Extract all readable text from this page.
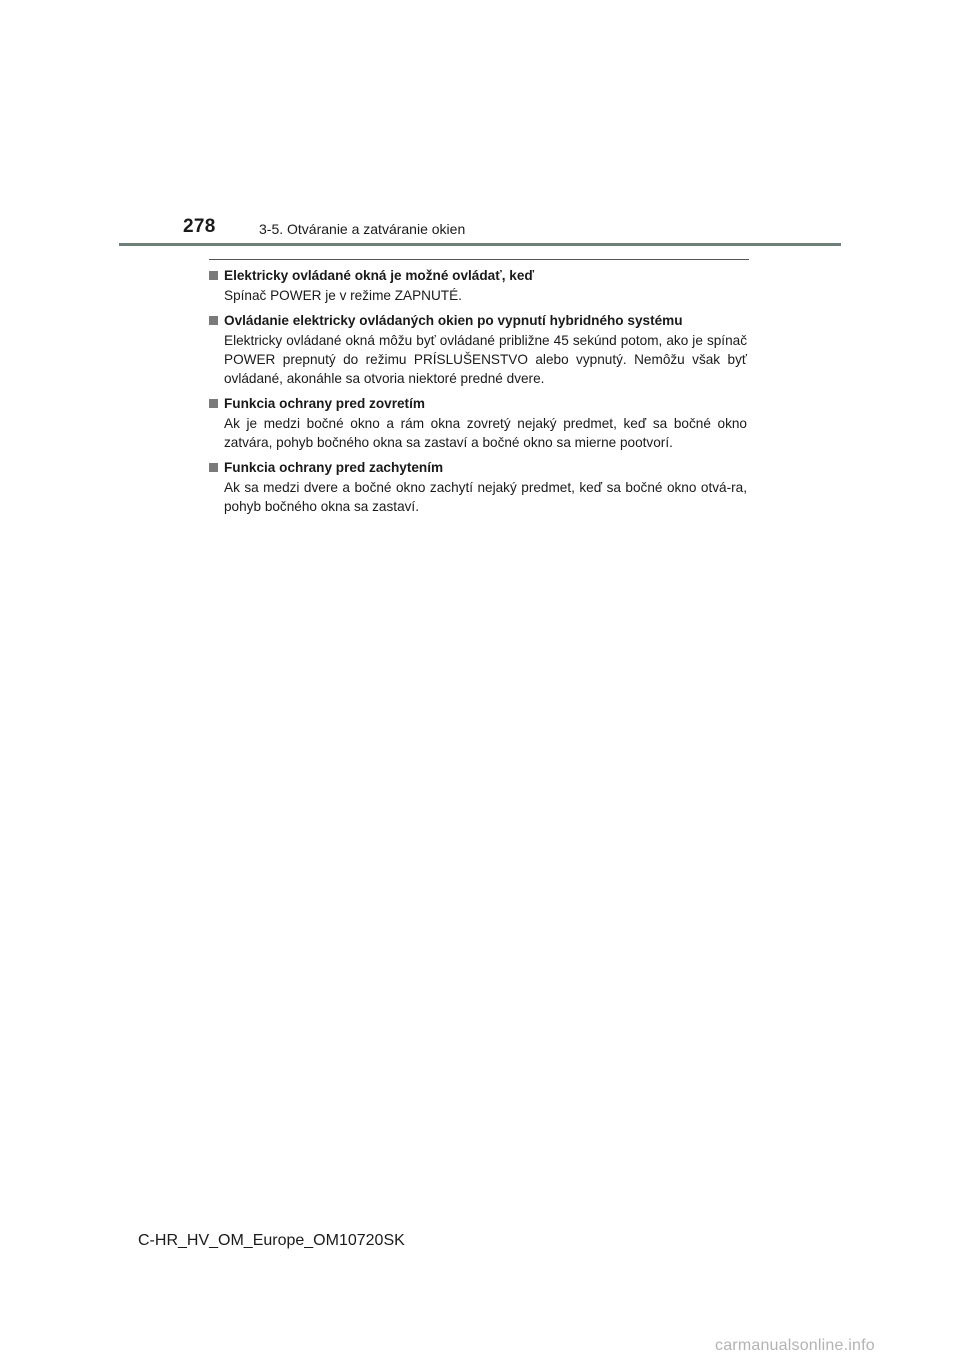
278	3-5. Otváranie a zatváranie okien
Elektricky ovládané okná je možné ovládať, keď
Spínač POWER je v režime ZAPNUTÉ.
Ovládanie elektricky ovládaných okien po vypnutí hybridného systému
Elektricky ovládané okná môžu byť ovládané približne 45 sekúnd potom, ako je spínač POWER prepnutý do režimu PRÍSLUŠENSTVO alebo vypnutý. Nemôžu však byť ovládané, akonáhle sa otvoria niektoré predné dvere.
Funkcia ochrany pred zovretím
Ak je medzi bočné okno a rám okna zovretý nejaký predmet, keď sa bočné okno zatvára, pohyb bočného okna sa zastaví a bočné okno sa mierne pootvorí.
Funkcia ochrany pred zachytením
Ak sa medzi dvere a bočné okno zachytí nejaký predmet, keď sa bočné okno otvá-ra, pohyb bočného okna sa zastaví.
C-HR_HV_OM_Europe_OM10720SK
carmanualsonline.info
